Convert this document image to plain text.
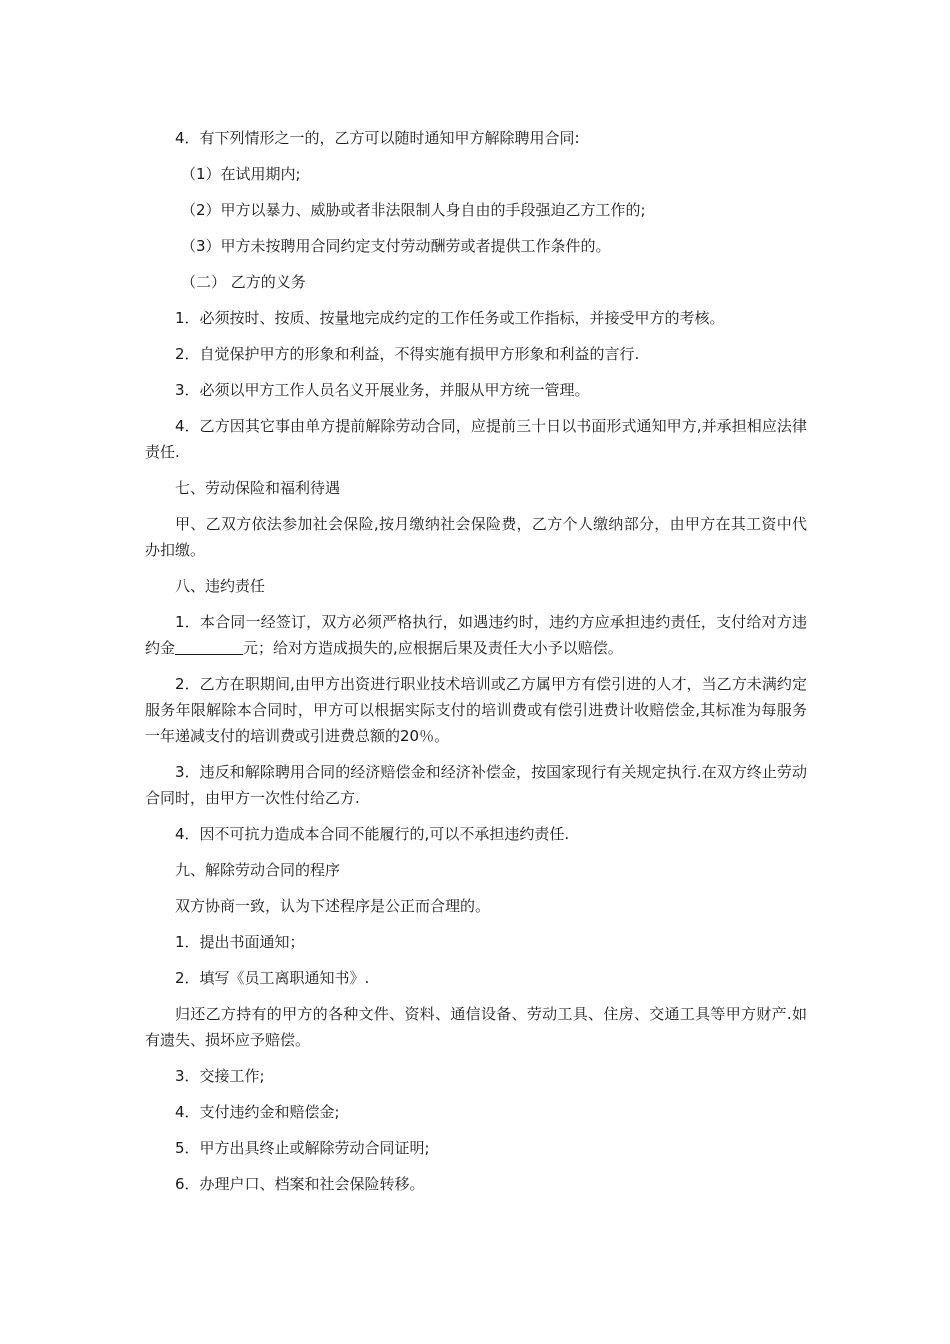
4．有下列情形之一的，乙方可以随时通知甲方解除聘用合同:

（1）在试用期内;

（2）甲方以暴力、威胁或者非法限制人身自由的手段强迫乙方工作的;

（3）甲方未按聘用合同约定支付劳动酬劳或者提供工作条件的。

（二） 乙方的义务

1．必须按时、按质、按量地完成约定的工作任务或工作指标，并接受甲方的考核。

2．自觉保护甲方的形象和利益，不得实施有损甲方形象和利益的言行.

3．必须以甲方工作人员名义开展业务，并服从甲方统一管理。

4．乙方因其它事由单方提前解除劳动合同，应提前三十日以书面形式通知甲方,并承担相应法律责任.

七、劳动保险和福利待遇

甲、乙双方依法参加社会保险,按月缴纳社会保险费，乙方个人缴纳部分，由甲方在其工资中代办扣缴。

八、违约责任

1．本合同一经签订，双方必须严格执行，如遇违约时，违约方应承担违约责任，支付给对方违约金	元；给对方造成损失的,应根据后果及责任大小予以赔偿。

2．乙方在职期间,由甲方出资进行职业技术培训或乙方属甲方有偿引进的人才，当乙方未满约定服务年限解除本合同时，甲方可以根据实际支付的培训费或有偿引进费计收赔偿金,其标准为每服务一年递减支付的培训费或引进费总额的20％。

3．违反和解除聘用合同的经济赔偿金和经济补偿金，按国家现行有关规定执行.在双方终止劳动合同时，由甲方一次性付给乙方.

4．因不可抗力造成本合同不能履行的,可以不承担违约责任.

九、解除劳动合同的程序

双方协商一致，认为下述程序是公正而合理的。

1．提出书面通知；

2．填写《员工离职通知书》.

归还乙方持有的甲方的各种文件、资料、通信设备、劳动工具、住房、交通工具等甲方财产.如有遗失、损坏应予赔偿。

3．交接工作;

4．支付违约金和赔偿金;

5．甲方出具终止或解除劳动合同证明;

6．办理户口、档案和社会保险转移。
